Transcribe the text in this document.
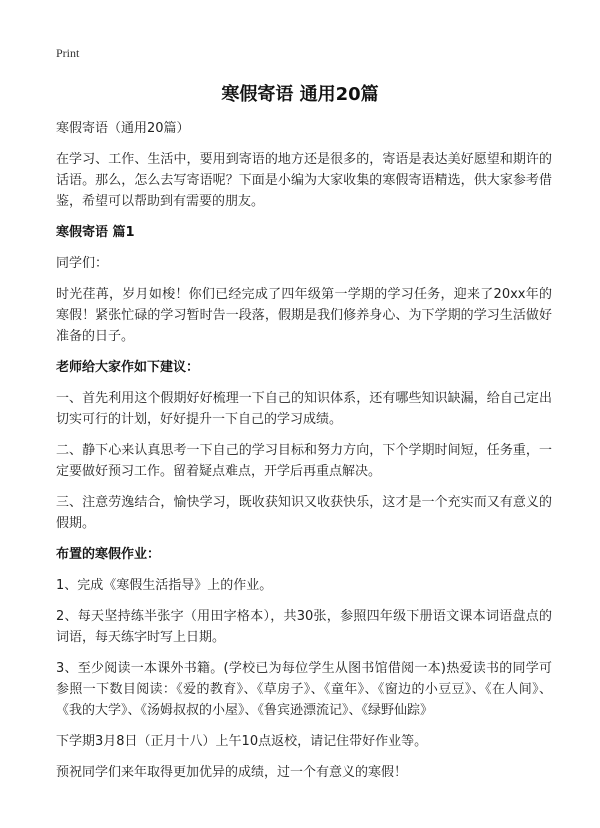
Print
寒假寄语 通用20篇

寒假寄语（通用20篇）

在学习、工作、生活中，要用到寄语的地方还是很多的，寄语是表达美好愿望和期许的话语。那么，怎么去写寄语呢？下面是小编为大家收集的寒假寄语精选，供大家参考借鉴，希望可以帮助到有需要的朋友。

寒假寄语 篇1

同学们：

时光荏苒，岁月如梭！你们已经完成了四年级第一学期的学习任务，迎来了20xx年的寒假！紧张忙碌的学习暂时告一段落，假期是我们修养身心、为下学期的学习生活做好准备的日子。

老师给大家作如下建议：

一、首先利用这个假期好好梳理一下自己的知识体系，还有哪些知识缺漏，给自己定出切实可行的计划，好好提升一下自己的学习成绩。

二、静下心来认真思考一下自己的学习目标和努力方向，下个学期时间短，任务重，一定要做好预习工作。留着疑点难点，开学后再重点解决。

三、注意劳逸结合，愉快学习，既收获知识又收获快乐，这才是一个充实而又有意义的假期。

布置的寒假作业：

1、完成《寒假生活指导》上的作业。

2、每天坚持练半张字（用田字格本），共30张，参照四年级下册语文课本词语盘点的词语，每天练字时写上日期。

3、至少阅读一本课外书籍。(学校已为每位学生从图书馆借阅一本)热爱读书的同学可参照一下数目阅读：《爱的教育》、《草房子》、《童年》、《窗边的小豆豆》、《在人间》、《我的大学》、《汤姆叔叔的小屋》、《鲁宾逊漂流记》、《绿野仙踪》

下学期3月8日（正月十八）上午10点返校，请记住带好作业等。

预祝同学们来年取得更加优异的成绩，过一个有意义的寒假！
